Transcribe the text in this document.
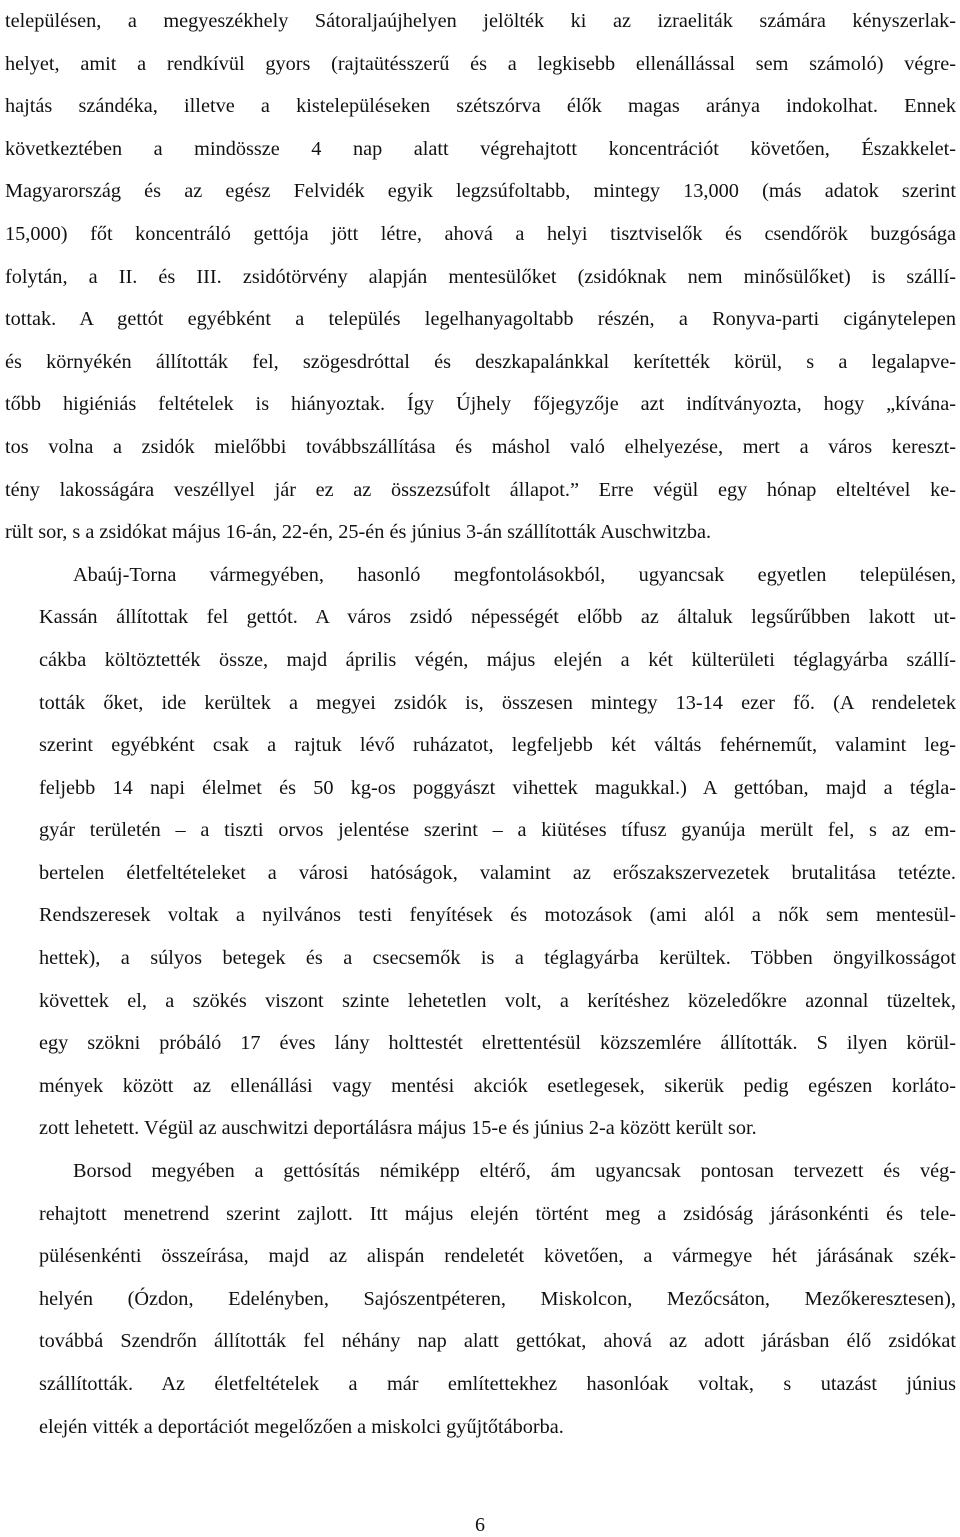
településen, a megyeszékhely Sátoraljaújhelyen jelölték ki az izraeliták számára kényszerlak-
helyet, amit a rendkívül gyors (rajtaütésszerű és a legkisebb ellenállással sem számoló) végre-
hajtás szándéka, illetve a kistelepüléseken szétszórva élők magas aránya indokolhat. Ennek
következtében a mindössze 4 nap alatt végrehajtott koncentrációt követően, Északkelet-
Magyarország és az egész Felvidék egyik legzsúfoltabb, mintegy 13,000 (más adatok szerint
15,000) főt koncentráló gettója jött létre, ahová a helyi tisztviselők és csendőrök buzgósága
folytán, a II. és III. zsidótörvény alapján mentesülőket (zsidóknak nem minősülőket) is szállí-
tottak. A gettót egyébként a település legelhanyagoltabb részén, a Ronyva-parti cigánytelepen
és környékén állították fel, szögesdróttal és deszkapalánkkal kerítették körül, s a legalapve-
tőbb higiéniás feltételek is hiányoztak. Így Újhely főjegyzője azt indítványozta, hogy „kívána-
tos volna a zsidók mielőbbi továbbszállítása és máshol való elhelyezése, mert a város kereszt-
tény lakosságára veszéllyel jár ez az összezsúfolt állapot.” Erre végül egy hónap elteltével ke-
rült sor, s a zsidókat május 16-án, 22-én, 25-én és június 3-án szállították Auschwitzba.

Abaúj-Torna vármegyében, hasonló megfontolásokból, ugyancsak egyetlen településen,
Kassán állítottak fel gettót. A város zsidó népességét előbb az általuk legsűrűbben lakott ut-
cákba költöztették össze, majd április végén, május elején a két külterületi téglagyárba szállí-
tották őket, ide kerültek a megyei zsidók is, összesen mintegy 13-14 ezer fő. (A rendeletek
szerint egyébként csak a rajtuk lévő ruházatot, legfeljebb két váltás fehérneműt, valamint leg-
feljebb 14 napi élelmet és 50 kg-os poggyászt vihettek magukkal.) A gettóban, majd a tégla-
gyár területén – a tiszti orvos jelentése szerint – a kiütéses tífusz gyanúja merült fel, s az em-
bertelen életfeltételeket a városi hatóságok, valamint az erőszakszervezetek brutalitása tetézte.
Rendszeresek voltak a nyilvános testi fenyítések és motozások (ami alól a nők sem mentesül-
hettek), a súlyos betegek és a csecsemők is a téglagyárba kerültek. Többen öngyilkosságot
követtek el, a szökés viszont szinte lehetetlen volt, a kerítéshez közeledőkre azonnal tüzeltek,
egy szökni próbáló 17 éves lány holttestét elrettentésül közszemlére állították. S ilyen körül-
mények között az ellenállási vagy mentési akciók esetlegesek, sikerük pedig egészen korláto-
zott lehetett. Végül az auschwitzi deportálásra május 15-e és június 2-a között került sor.

Borsod megyében a gettósítás némiképp eltérő, ám ugyancsak pontosan tervezett és vég-
rehajtott menetrend szerint zajlott. Itt május elején történt meg a zsidóság járásonkénti és tele-
pülésenkénti összeírása, majd az alispán rendeletét követően, a vármegye hét járásának szék-
helyén (Ózdon, Edelényben, Sajószentpéteren, Miskolcon, Mezőcsáton, Mezőkeresztesen),
továbbá Szendrőn állították fel néhány nap alatt gettókat, ahová az adott járásban élő zsidókat
szállították. Az életfeltételek a már említettekhez hasonlóak voltak, s utazást június
elején vitték a deportációt megelőzően a miskolci gyűjtőtáborba.

6
